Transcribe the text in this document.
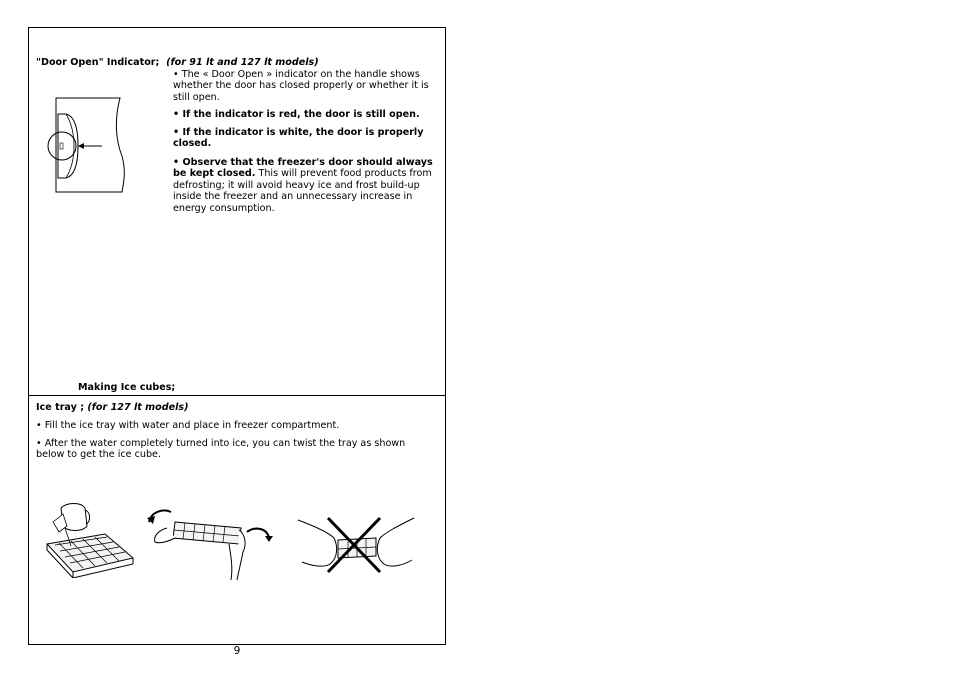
"Door Open" Indicator; (for 91 lt and 127 lt models)
• The « Door Open » indicator on the handle shows whether the door has closed properly or whether it is still open.
• If the indicator is red, the door is still open.
• If the indicator is white, the door is properly closed.
• Observe that the freezer's door should always be kept closed. This will prevent food products from defrosting; it will avoid heavy ice and frost build-up inside the freezer and an unnecessary increase in energy consumption.
Making Ice cubes;
Ice tray ; (for 127 lt models)
• Fill the ice tray with water and place in freezer compartment.
• After the water completely turned into ice, you can twist the tray as shown below to get the ice cube.
9
